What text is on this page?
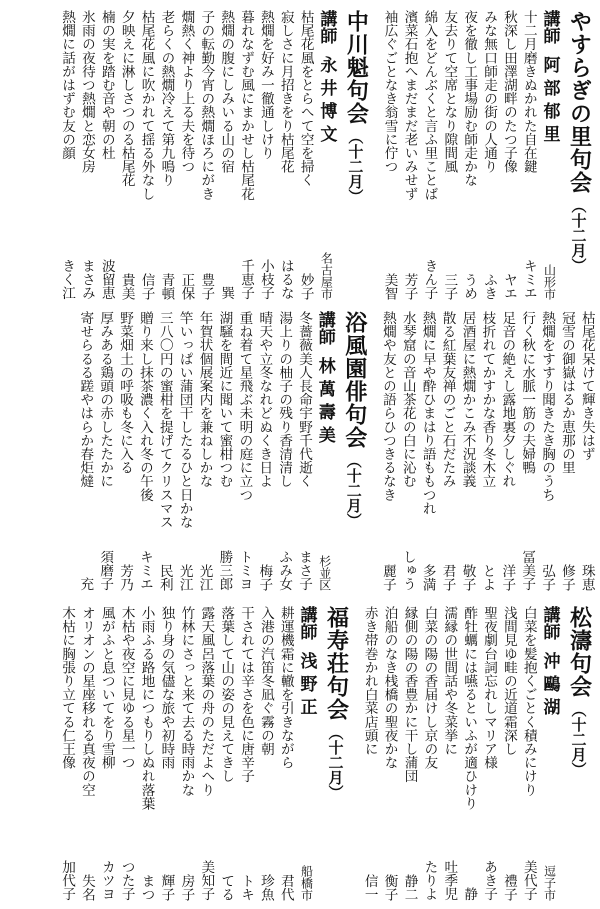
やすらぎの里句会
（十二月）
講師
阿部郁里
山形市
十二月磨きぬかれた自在鍵
キミエ
秋深し田澤湖畔のたつ子像
ヤエ
みな無口師走の街の人通り
ふき
夜を徹し工事場励む師走かな
うめ
友去りて空席となり隙間風
三子
綿入をどんぶくと言ふ里ことば
きん子
濱菜石抱へまだまだ老いみせず
芳子
袖広ぐごとなき翁雪に佇つ
美智
中川魁句会
（十二月）
講師
永井博文
名古屋市
枯尾花風をとらへて空を掃く
妙子
寂しさに月招きをり枯尾花
はるな
熱燗を好み一徹通しけり
小枝子
暮れなずむ風にまかせし枯尾花
千恵子
熱燗の腹にしみいる山の宿
巽
子の転勤今宵の熱燗ほろにがき
豊子
燗熱く神より上る夫を待つ
正保
老らくの熱燗冷えて第九鳴り
青頓
枯尾花風に吹かれて揺る外なし
信子
夕映えに淋しさつのる枯尾花
貴美
楠の実を踏む音や朝の杜
波留恵
氷雨の夜待つ熱燗と恋女房
まさみ
熱燗に話がはずむ友の顔
きく江
枯尾花呆けて輝き失はず
珠恵
冠雪の御嶽はるか恵那の里
修子
熱燗をすすり聞きたき胸のうち
弘子
行く秋に水脈一筋の夫婦鴨
冨美子
足音の絶えし露地裏夕しぐれ
洋子
枝折れてかすかな香り冬木立
とよ
居酒屋に熱燗かこみ不況談義
敬子
散る紅葉友禅のごと石だたみ
君子
熱燗に早や酔ひまはり語ももつれ
多満
水琴窟の音山茶花の白に沁む
しゅう
熱燗や友との語らひつきるなき
麗子
浴風園俳句会
（十二月）
講師
林萬壽美
杉並区
冬薔薇美人長命宇野千代逝く
まさ子
湯上りの柚子の残り香清清し
ふみ女
晴天や立冬なれどぬくき日よ
梅子
重ね着て星飛ぶ未明の庭に立つ
トミヨ
湖騒を間近に聞いて蜜柑つむ
勝三郎
年賀状個展案内を兼ねしかな
光江
竿いっぱい蒲団干したるひと日かな
光江
三八〇円の蜜柑を提げてクリスマス
民利
贈り来し抹茶濃く入れ冬の午後
キミエ
野菜畑土の呼吸も冬に入る
芳乃
厚みある鶏頭の赤したたかに
須磨子
寄せらるる蹉やはらか春炬燵
充
松濤句会
（十二月）
講師
沖鷗湖
逗子市
白菜を髪抱くごとく積みにけり
美代子
浅間見ゆ畦の近道霜深し
禮子
聖夜劇台詞忘れしマリア様
あき子
酢牡蠣には嚥るといふが適ひけり
静
濡縁の世間話や冬菜挙に
吐季児
白菜の陽の香届けし京の友
たりよ
縁側の陽の香豊かに干し蒲団
静二
泊船のなき桟橋の聖夜かな
衡子
赤き帯巻かれ白菜店頭に
信一
福寿荘句会
（十二月）
講師
浅野正
船橋市
耕運機霜に轍を引きながら
君代
入港の汽笛冬凪ぐ霧の朝
珍魚
干されては辛さを色に唐辛子
トキ
落葉して山の姿の見えてきし
てる
露天風呂落葉の舟のただよへり
美知子
竹林にさっと来て去る時雨かな
房子
独り身の気儘な旅や初時雨
輝子
小雨ふる路地につもりしぬれ落葉
まつ
木枯や夜空に見ゆる星一つ
つた子
風がふと息ついてをり雪柳
カツヨ
オリオンの星座移れる真夜の空
失名
木枯に胸張り立てる仁王像
加代子
